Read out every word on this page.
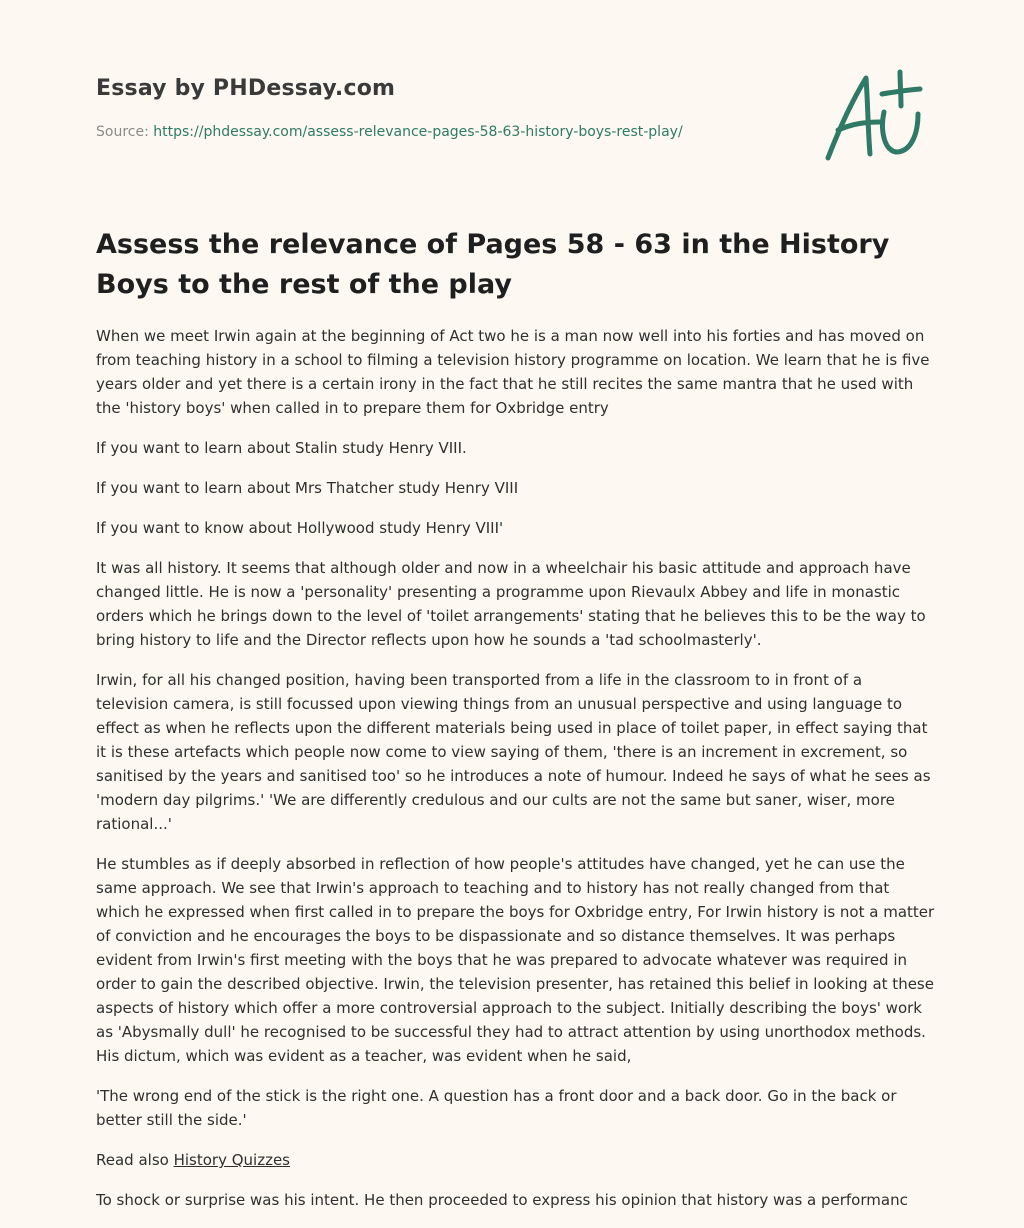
Essay by PHDessay.com
Source: https://phdessay.com/assess-relevance-pages-58-63-history-boys-rest-play/
Assess the relevance of Pages 58 - 63 in the History Boys to the rest of the play

When we meet Irwin again at the beginning of Act two he is a man now well into his forties and has moved on from teaching history in a school to filming a television history programme on location. We learn that he is five years older and yet there is a certain irony in the fact that he still recites the same mantra that he used with the 'history boys' when called in to prepare them for Oxbridge entry

If you want to learn about Stalin study Henry VIII.

If you want to learn about Mrs Thatcher study Henry VIII

If you want to know about Hollywood study Henry VIII'

It was all history. It seems that although older and now in a wheelchair his basic attitude and approach have changed little. He is now a 'personality' presenting a programme upon Rievaulx Abbey and life in monastic orders which he brings down to the level of 'toilet arrangements' stating that he believes this to be the way to bring history to life and the Director reflects upon how he sounds a 'tad schoolmasterly'.

Irwin, for all his changed position, having been transported from a life in the classroom to in front of a television camera, is still focussed upon viewing things from an unusual perspective and using language to effect as when he reflects upon the different materials being used in place of toilet paper, in effect saying that it is these artefacts which people now come to view saying of them, 'there is an increment in excrement, so sanitised by the years and sanitised too' so he introduces a note of humour. Indeed he says of what he sees as 'modern day pilgrims.' 'We are differently credulous and our cults are not the same but saner, wiser, more rational...'

He stumbles as if deeply absorbed in reflection of how people's attitudes have changed, yet he can use the same approach. We see that Irwin's approach to teaching and to history has not really changed from that which he expressed when first called in to prepare the boys for Oxbridge entry, For Irwin history is not a matter of conviction and he encourages the boys to be dispassionate and so distance themselves. It was perhaps evident from Irwin's first meeting with the boys that he was prepared to advocate whatever was required in order to gain the described objective. Irwin, the television presenter, has retained this belief in looking at these aspects of history which offer a more controversial approach to the subject. Initially describing the boys' work as 'Abysmally dull' he recognised to be successful they had to attract attention by using unorthodox methods. His dictum, which was evident as a teacher, was evident when he said,

'The wrong end of the stick is the right one. A question has a front door and a back door. Go in the back or better still the side.'

Read also History Quizzes

To shock or surprise was his intent. He then proceeded to express his opinion that history was a performanc
